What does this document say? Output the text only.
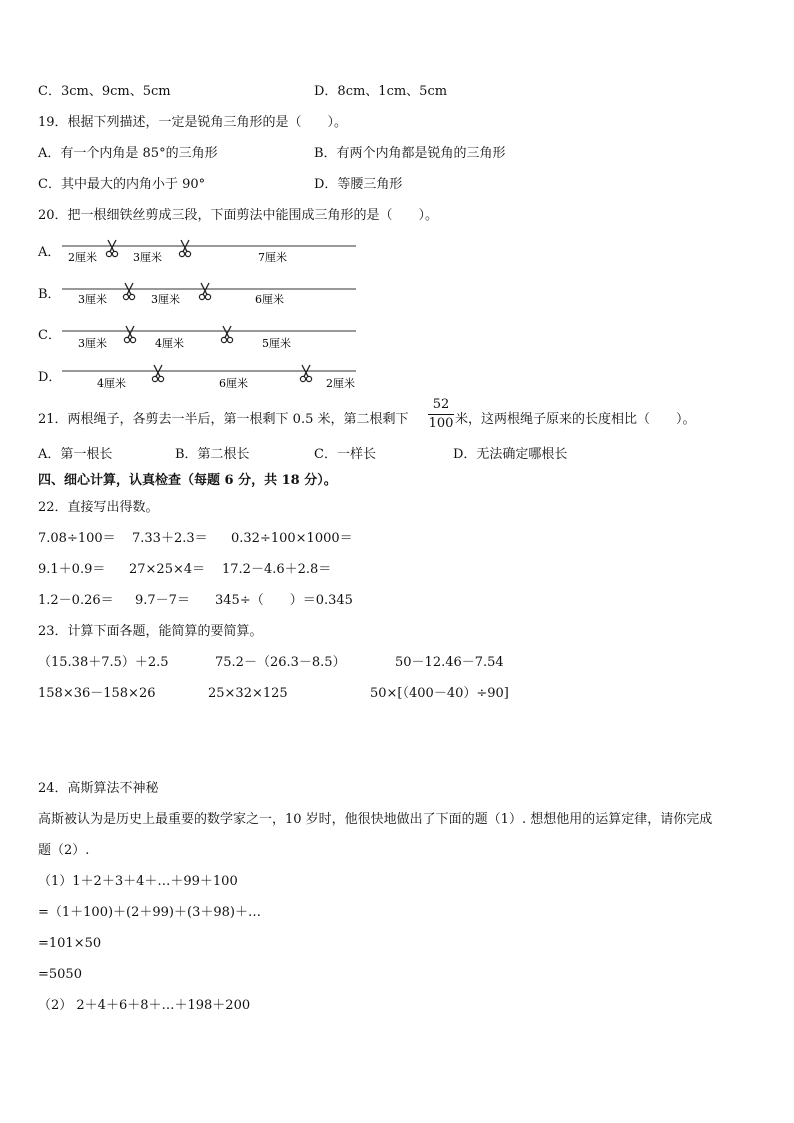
C．3cm、9cm、5cm	D．8cm、1cm、5cm
19．根据下列描述，一定是锐角三角形的是（　　）。
A．有一个内角是 85°的三角形	B．有两个内角都是锐角的三角形
C．其中最大的内角小于 90°	D．等腰三角形
20．把一根细铁丝剪成三段，下面剪法中能围成三角形的是（　　）。
A．
B．
C．
D．
2厘米	3厘米	7厘米
3厘米	3厘米	6厘米
3厘米	4厘米	5厘米
4厘米	6厘米	2厘米
21．两根绳子，各剪去一半后，第一根剩下 0.5 米，第二根剩下
52
100 米，这两根绳子原来的长度相比（　　）。
A．第一根长	B．第二根长	C．一样长	D．无法确定哪根长
四、细心计算，认真检查（每题 6 分，共 18 分）。
22．直接写出得数。
7.08÷100＝ 7.33＋2.3＝ 0.32÷100×1000＝
9.1＋0.9＝ 27×25×4＝ 17.2－4.6＋2.8＝
1.2－0.26＝ 9.7－7＝ 345÷（　　）＝0.345
23．计算下面各题，能简算的要简算。
（15.38＋7.5）＋2.5	75.2－（26.3－8.5）	50－12.46－7.54
158×36－158×26	25×32×125	50×[（400－40）÷90]
24．高斯算法不神秘
高斯被认为是历史上最重要的数学家之一，10 岁时，他很快地做出了下面的题（1）. 想想他用的运算定律，请你完成
题（2）.
（1）1＋2＋3＋4＋…＋99＋100
=（1＋100)＋(2＋99)＋(3＋98)＋…
=101×50
=5050
（2） 2＋4＋6＋8＋…＋198＋200
